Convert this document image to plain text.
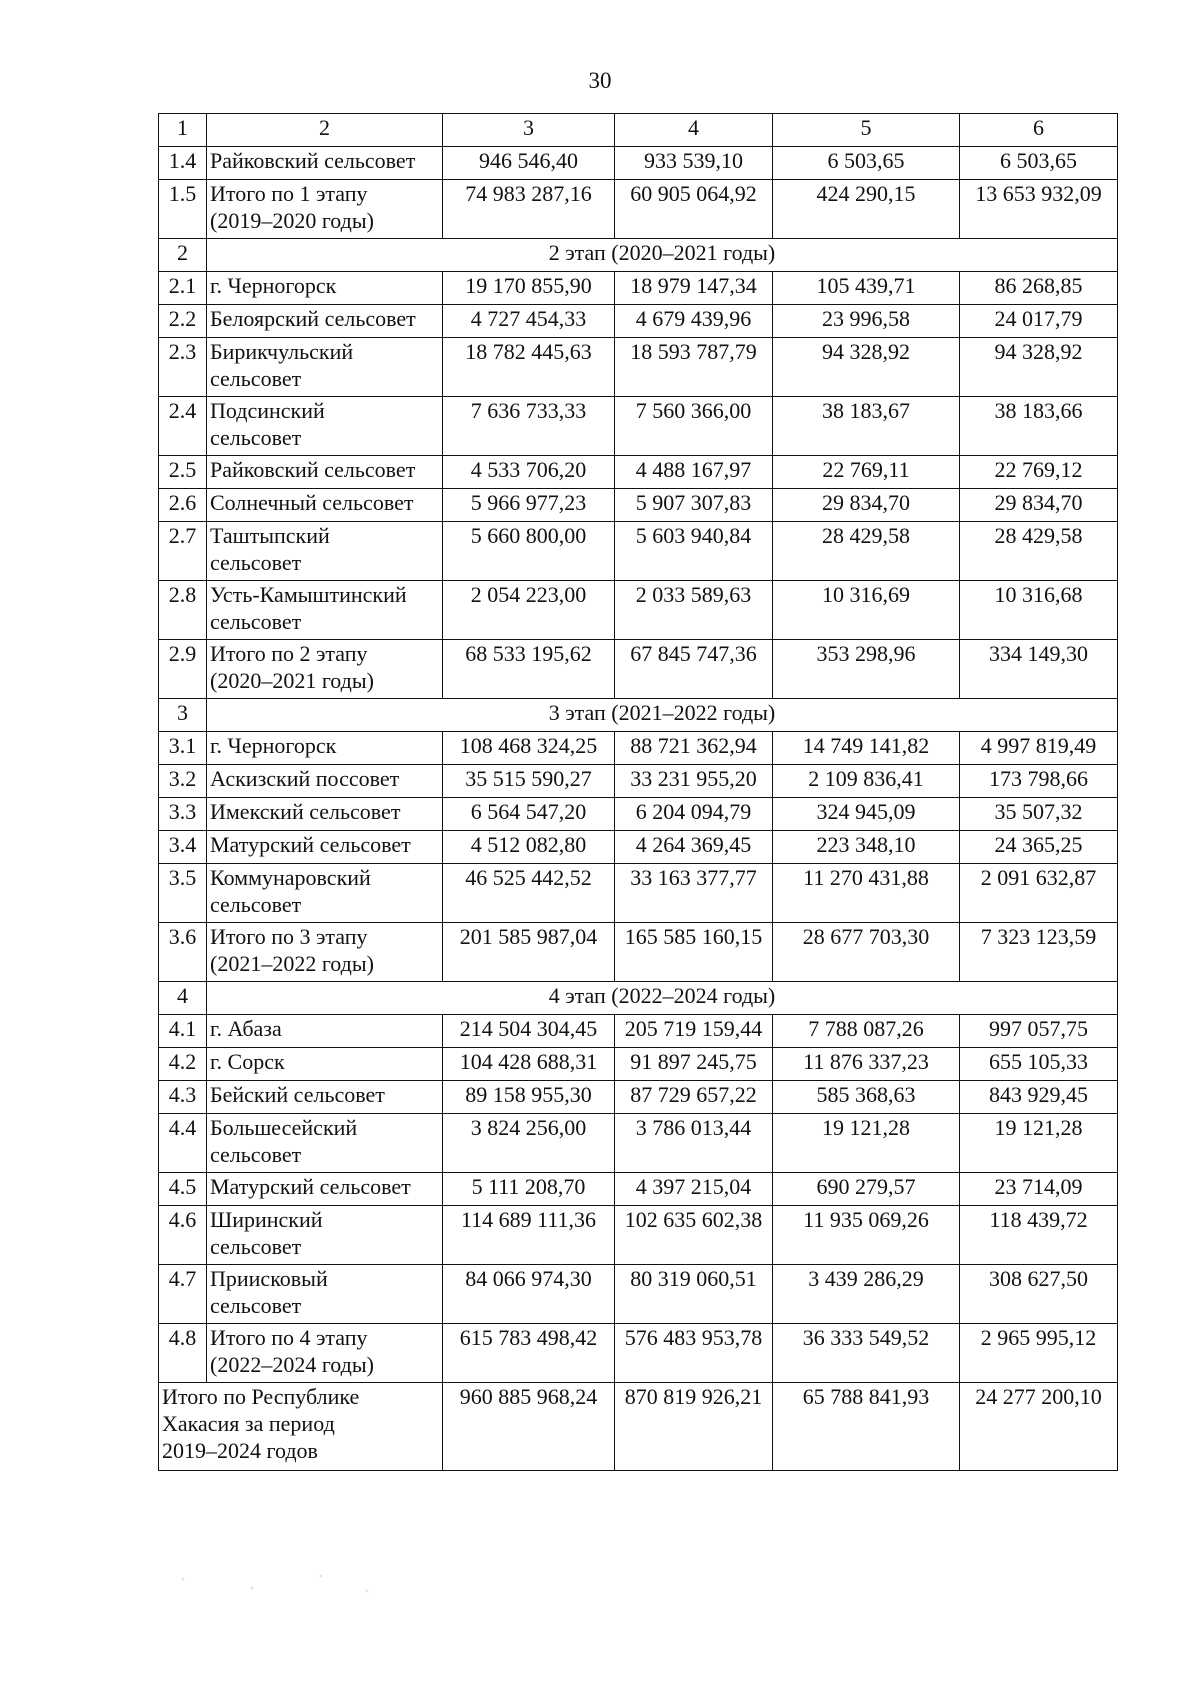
30
1	2	3	4	5	6
1.4	Райковский сельсовет	946 546,40	933 539,10	6 503,65	6 503,65
1.5	Итого по 1 этапу
(2019–2020 годы)	74 983 287,16	60 905 064,92	424 290,15	13 653 932,09
2	2 этап (2020–2021 годы)				
2.1	г. Черногорск	19 170 855,90	18 979 147,34	105 439,71	86 268,85
2.2	Белоярский сельсовет	4 727 454,33	4 679 439,96	23 996,58	24 017,79
2.3	Бирикчульский
сельсовет	18 782 445,63	18 593 787,79	94 328,92	94 328,92
2.4	Подсинский
сельсовет	7 636 733,33	7 560 366,00	38 183,67	38 183,66
2.5	Райковский сельсовет	4 533 706,20	4 488 167,97	22 769,11	22 769,12
2.6	Солнечный сельсовет	5 966 977,23	5 907 307,83	29 834,70	29 834,70
2.7	Таштыпский
сельсовет	5 660 800,00	5 603 940,84	28 429,58	28 429,58
2.8	Усть-Камыштинский
сельсовет	2 054 223,00	2 033 589,63	10 316,69	10 316,68
2.9	Итого по 2 этапу
(2020–2021 годы)	68 533 195,62	67 845 747,36	353 298,96	334 149,30
3	3 этап (2021–2022 годы)				
3.1	г. Черногорск	108 468 324,25	88 721 362,94	14 749 141,82	4 997 819,49
3.2	Аскизский поссовет	35 515 590,27	33 231 955,20	2 109 836,41	173 798,66
3.3	Имекский сельсовет	6 564 547,20	6 204 094,79	324 945,09	35 507,32
3.4	Матурский сельсовет	4 512 082,80	4 264 369,45	223 348,10	24 365,25
3.5	Коммунаровский
сельсовет	46 525 442,52	33 163 377,77	11 270 431,88	2 091 632,87
3.6	Итого по 3 этапу
(2021–2022 годы)	201 585 987,04	165 585 160,15	28 677 703,30	7 323 123,59
4	4 этап (2022–2024 годы)				
4.1	г. Абаза	214 504 304,45	205 719 159,44	7 788 087,26	997 057,75
4.2	г. Сорск	104 428 688,31	91 897 245,75	11 876 337,23	655 105,33
4.3	Бейский сельсовет	89 158 955,30	87 729 657,22	585 368,63	843 929,45
4.4	Большесейский
сельсовет	3 824 256,00	3 786 013,44	19 121,28	19 121,28
4.5	Матурский сельсовет	5 111 208,70	4 397 215,04	690 279,57	23 714,09
4.6	Ширинский
сельсовет	114 689 111,36	102 635 602,38	11 935 069,26	118 439,72
4.7	Приисковый
сельсовет	84 066 974,30	80 319 060,51	3 439 286,29	308 627,50
4.8	Итого по 4 этапу
(2022–2024 годы)	615 783 498,42	576 483 953,78	36 333 549,52	2 965 995,12

Итого по Республике
Хакасия за период
2019–2024 годов		960 885 968,24	870 819 926,21	65 788 841,93	24 277 200,10
